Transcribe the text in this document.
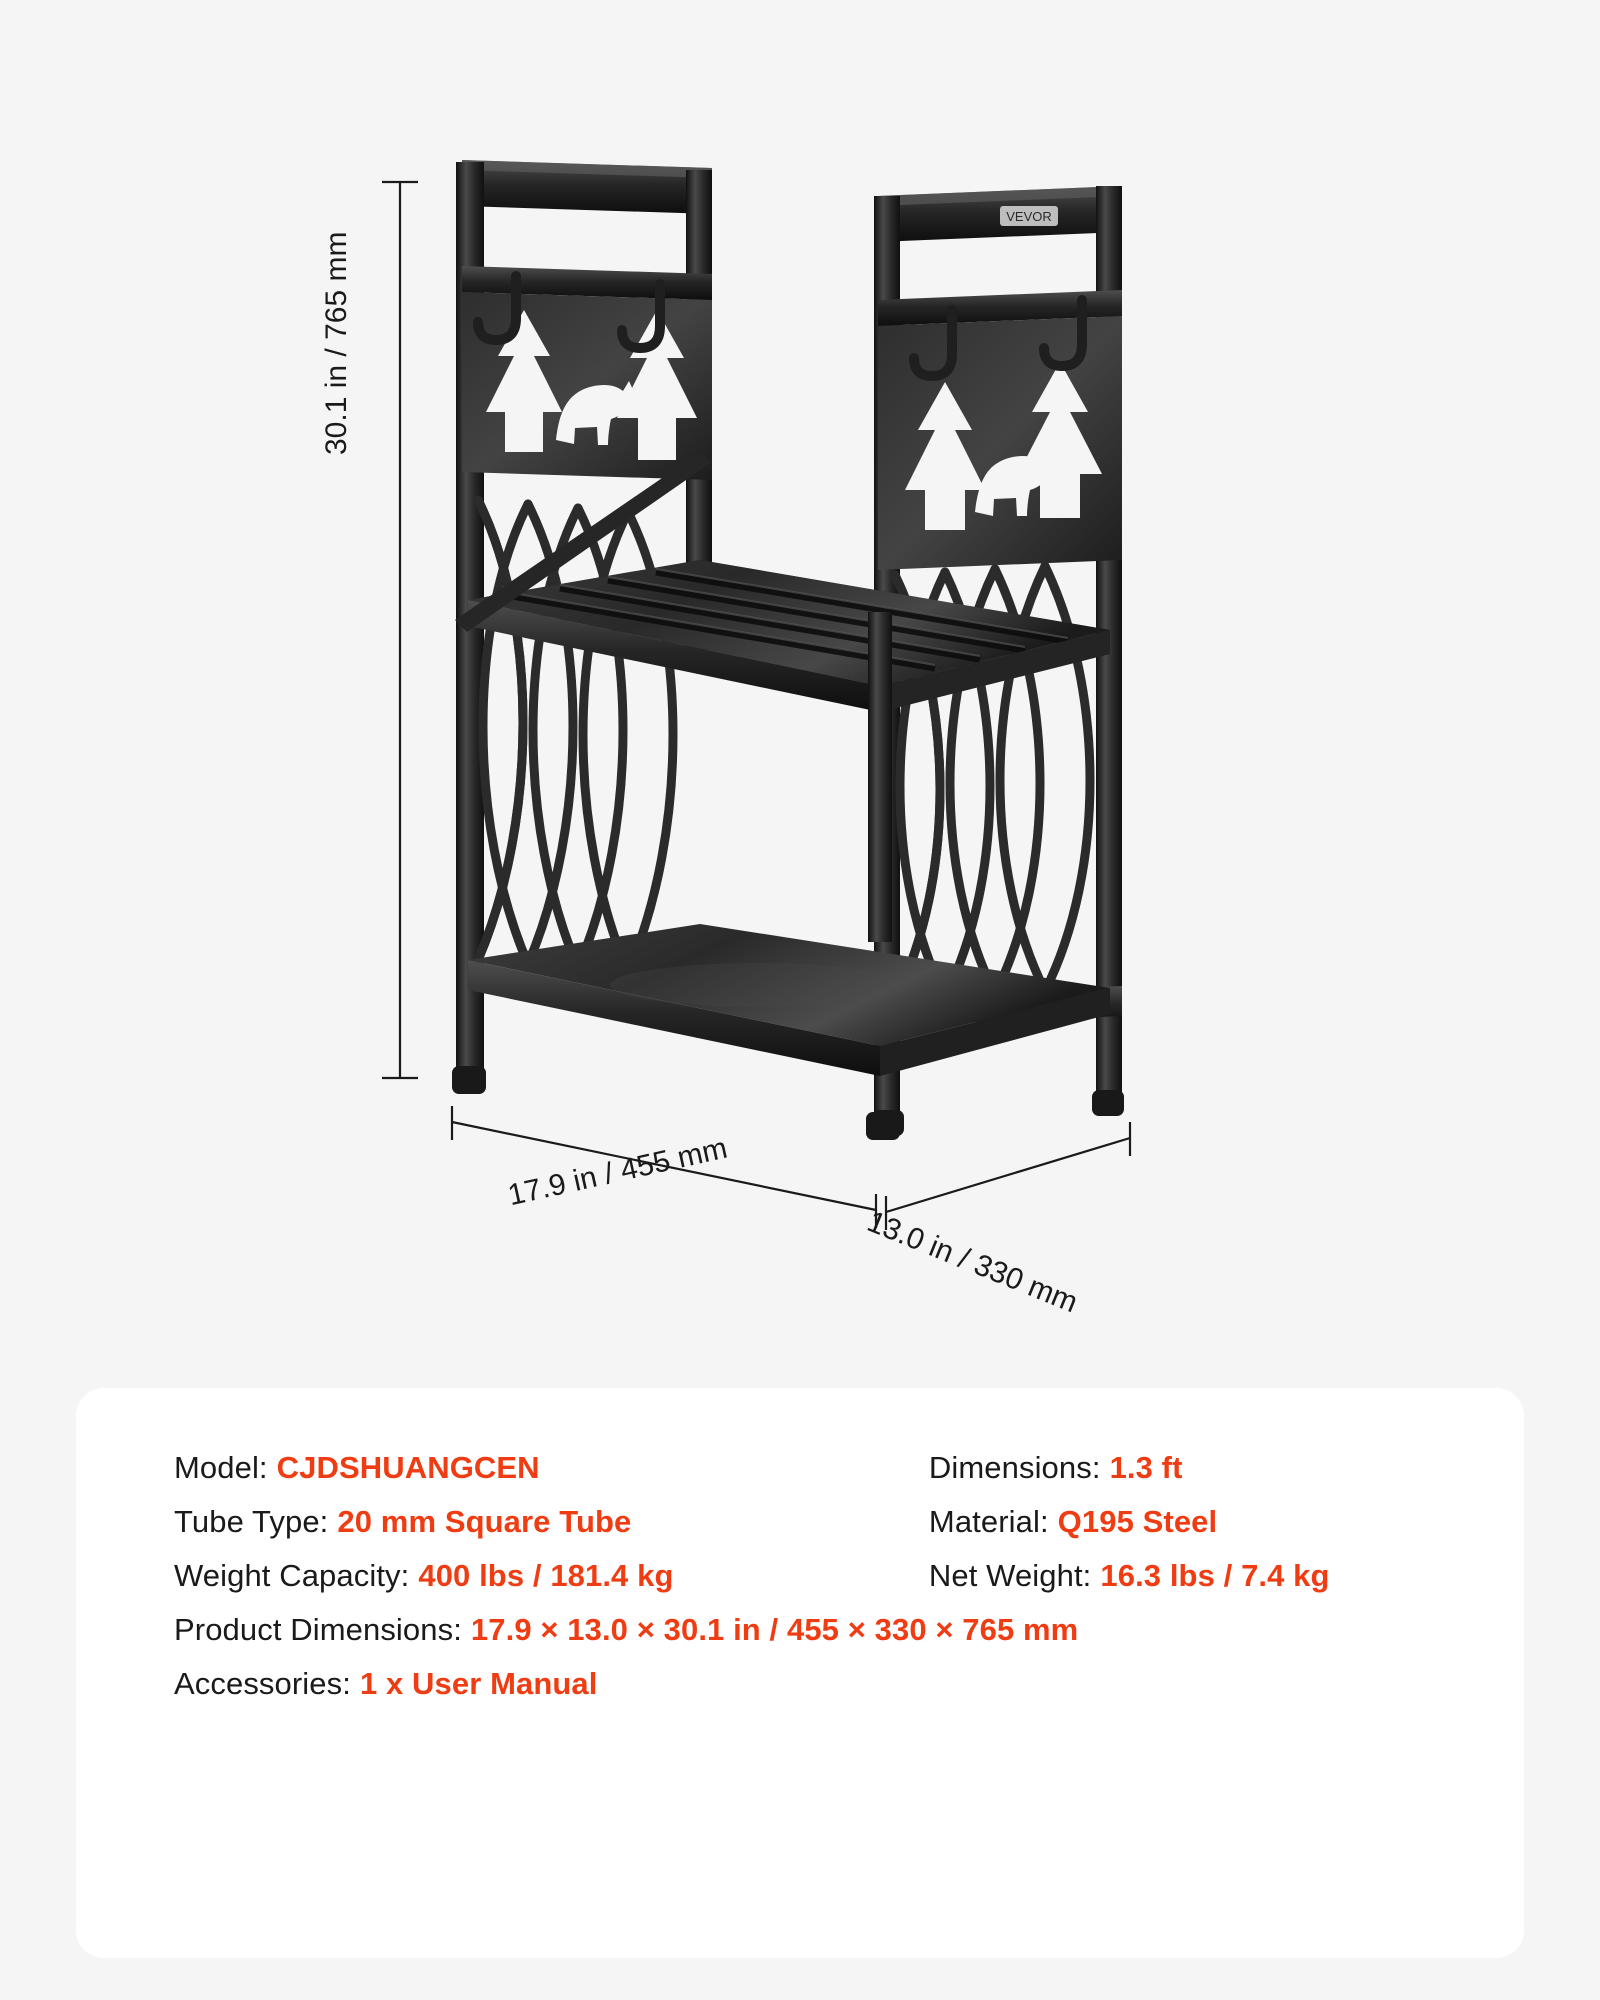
VEVOR
30.1 in / 765 mm
17.9 in / 455 mm
13.0 in / 330 mm
Model: CJDSHUANGCEN	Dimensions: 1.3 ft
Tube Type: 20 mm Square Tube	Material: Q195 Steel
Weight Capacity: 400 lbs / 181.4 kg	Net Weight: 16.3 lbs / 7.4 kg
Product Dimensions: 17.9 × 13.0 × 30.1 in / 455 × 330 × 765 mm
Accessories: 1 x User Manual
